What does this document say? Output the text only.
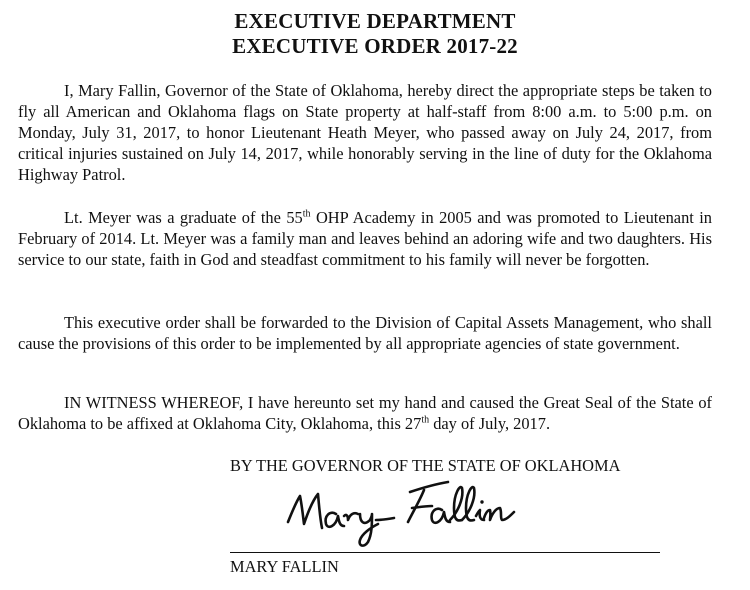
EXECUTIVE DEPARTMENT
EXECUTIVE ORDER 2017-22

I, Mary Fallin, Governor of the State of Oklahoma, hereby direct the appropriate steps be taken to fly all American and Oklahoma flags on State property at half-staff from 8:00 a.m. to 5:00 p.m. on Monday, July 31, 2017, to honor Lieutenant Heath Meyer, who passed away on July 24, 2017, from critical injuries sustained on July 14, 2017, while honorably serving in the line of duty for the Oklahoma Highway Patrol.

Lt. Meyer was a graduate of the 55th OHP Academy in 2005 and was promoted to Lieutenant in February of 2014. Lt. Meyer was a family man and leaves behind an adoring wife and two daughters. His service to our state, faith in God and steadfast commitment to his family will never be forgotten.

This executive order shall be forwarded to the Division of Capital Assets Management, who shall cause the provisions of this order to be implemented by all appropriate agencies of state government.

IN WITNESS WHEREOF, I have hereunto set my hand and caused the Great Seal of the State of Oklahoma to be affixed at Oklahoma City, Oklahoma, this 27th day of July, 2017.

BY THE GOVERNOR OF THE STATE OF OKLAHOMA
MARY FALLIN
